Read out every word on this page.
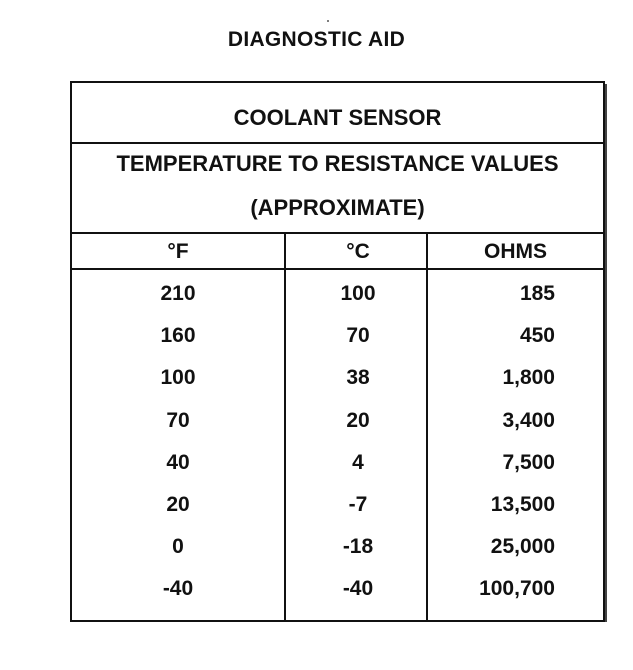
DIAGNOSTIC AID
COOLANT SENSOR
TEMPERATURE TO RESISTANCE VALUES
(APPROXIMATE)
°F	°C	OHMS
210	100	185
160	70	450
100	38	1,800
70	20	3,400
40	4	7,500
20	-7	13,500
0	-18	25,000
-40	-40	100,700
